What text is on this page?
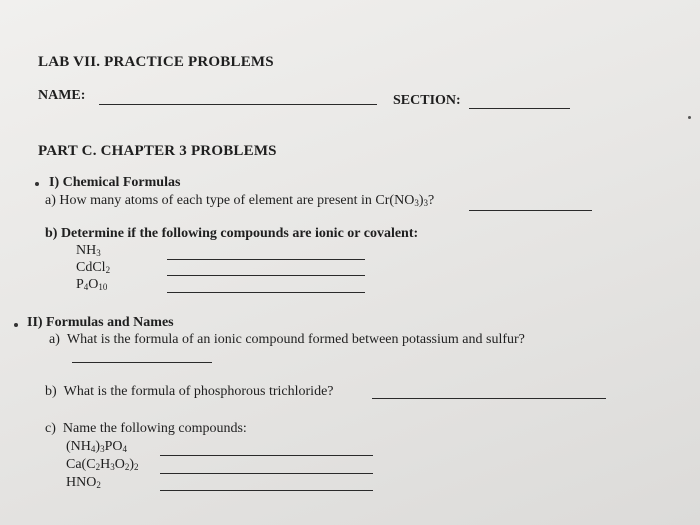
LAB VII. PRACTICE PROBLEMS
NAME:	SECTION:
PART C. CHAPTER 3 PROBLEMS
I) Chemical Formulas
a) How many atoms of each type of element are present in $Cr(NO_3)_3$?
b) Determine if the following compounds are ionic or covalent:
$NH_3$
CdCl$_2$
$P_4O_{10}$
II) Formulas and Names
a) What is the formula of an ionic compound formed between potassium and sulfur?
b) What is the formula of phosphorous trichloride?
c) Name the following compounds:
$(NH_4)_3PO_4$
$Ca(C_2H_3O_2)_2$
$HNO_2$
